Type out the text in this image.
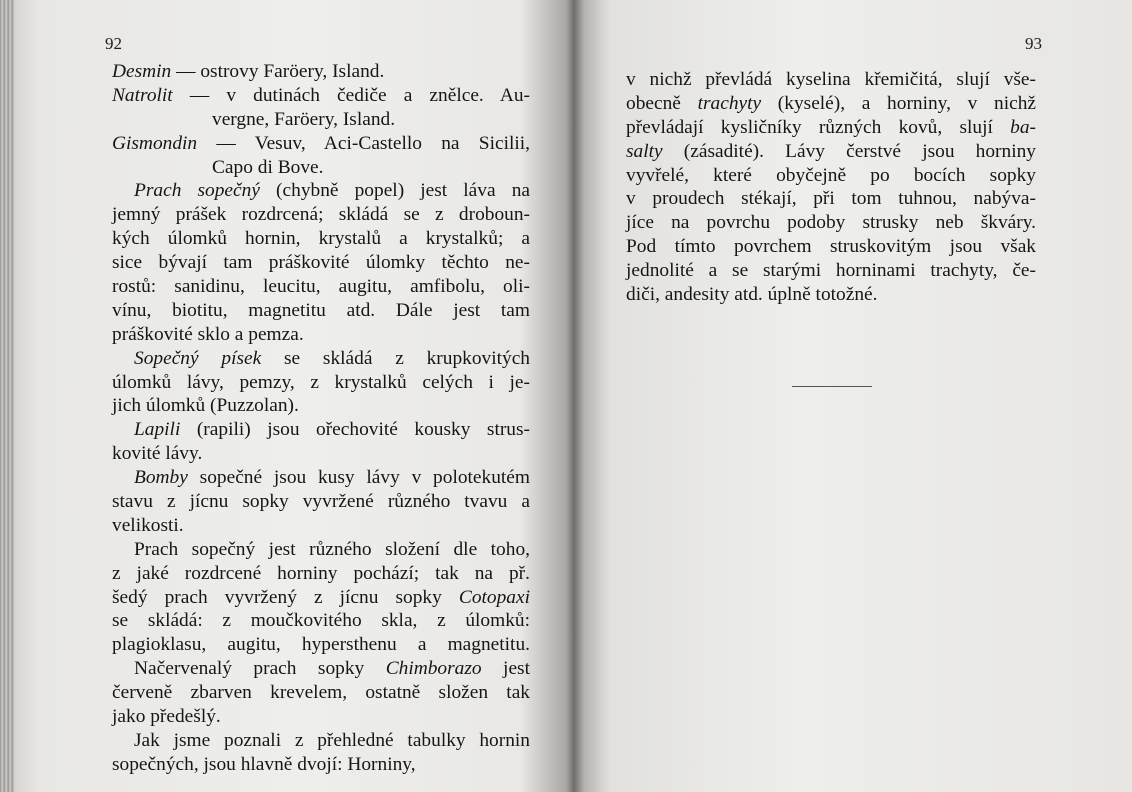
92

Desmin — ostrovy Faröery, Island.
Natrolit — v dutinách čediče a znělce. Au-
vergne, Faröery, Island.
Gismondin — Vesuv, Aci-Castello na Sicilii,
Capo di Bove.
Prach sopečný (chybně popel) jest láva na
jemný prášek rozdrcená; skládá se z droboun-
kých úlomků hornin, krystalů a krystalků; a
sice bývají tam práškovité úlomky těchto ne-
rostů: sanidinu, leucitu, augitu, amfibolu, oli-
vínu, biotitu, magnetitu atd. Dále jest tam
práškovité sklo a pemza.
Sopečný písek se skládá z krupkovitých
úlomků lávy, pemzy, z krystalků celých i je-
jich úlomků (Puzzolan).
Lapili (rapili) jsou ořechovité kousky strus-
kovité lávy.
Bomby sopečné jsou kusy lávy v polotekutém
stavu z jícnu sopky vyvržené různého tvavu a
velikosti.
Prach sopečný jest různého složení dle toho,
z jaké rozdrcené horniny pochází; tak na př.
šedý prach vyvržený z jícnu sopky Cotopaxi
se skládá: z moučkovitého skla, z úlomků:
plagioklasu, augitu, hypersthenu a magnetitu.
Načervenalý prach sopky Chimborazo jest
červeně zbarven krevelem, ostatně složen tak
jako předešlý.
Jak jsme poznali z přehledné tabulky hornin
sopečných, jsou hlavně dvojí: Horniny,

93

v nichž převládá kyselina křemičitá, slují vše-
obecně trachyty (kyselé), a horniny, v nichž
převládají kysličníky různých kovů, slují ba-
salty (zásadité). Lávy čerstvé jsou horniny
vyvřelé, které obyčejně po bocích sopky
v proudech stékají, při tom tuhnou, nabýva-
jíce na povrchu podoby strusky neb škváry.
Pod tímto povrchem struskovitým jsou však
jednolité a se starými horninami trachyty, če-
diči, andesity atd. úplně totožné.
